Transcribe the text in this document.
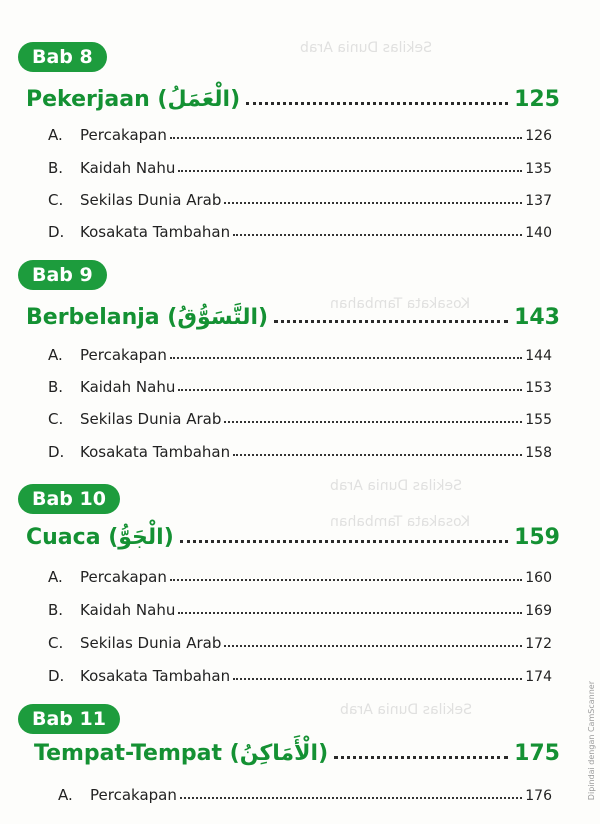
Sekilas Dunia Arab
Kosakata Tambahan
Sekilas Dunia Arab
Kosakata Tambahan
Sekilas Dunia Arab
Bab 8
Pekerjaan (الْعَمَلُ)	125
A.	Percakapan	126
B.	Kaidah Nahu	135
C.	Sekilas Dunia Arab	137
D.	Kosakata Tambahan	140
Bab 9
Berbelanja (التَّسَوُّقُ)	143
A.	Percakapan	144
B.	Kaidah Nahu	153
C.	Sekilas Dunia Arab	155
D.	Kosakata Tambahan	158
Bab 10
Cuaca (الْجَوُّ)	159
A.	Percakapan	160
B.	Kaidah Nahu	169
C.	Sekilas Dunia Arab	172
D.	Kosakata Tambahan	174
Bab 11
Tempat-Tempat (الْأَمَاكِنُ)	175
A.	Percakapan	176	Dipindai dengan CamScanner
